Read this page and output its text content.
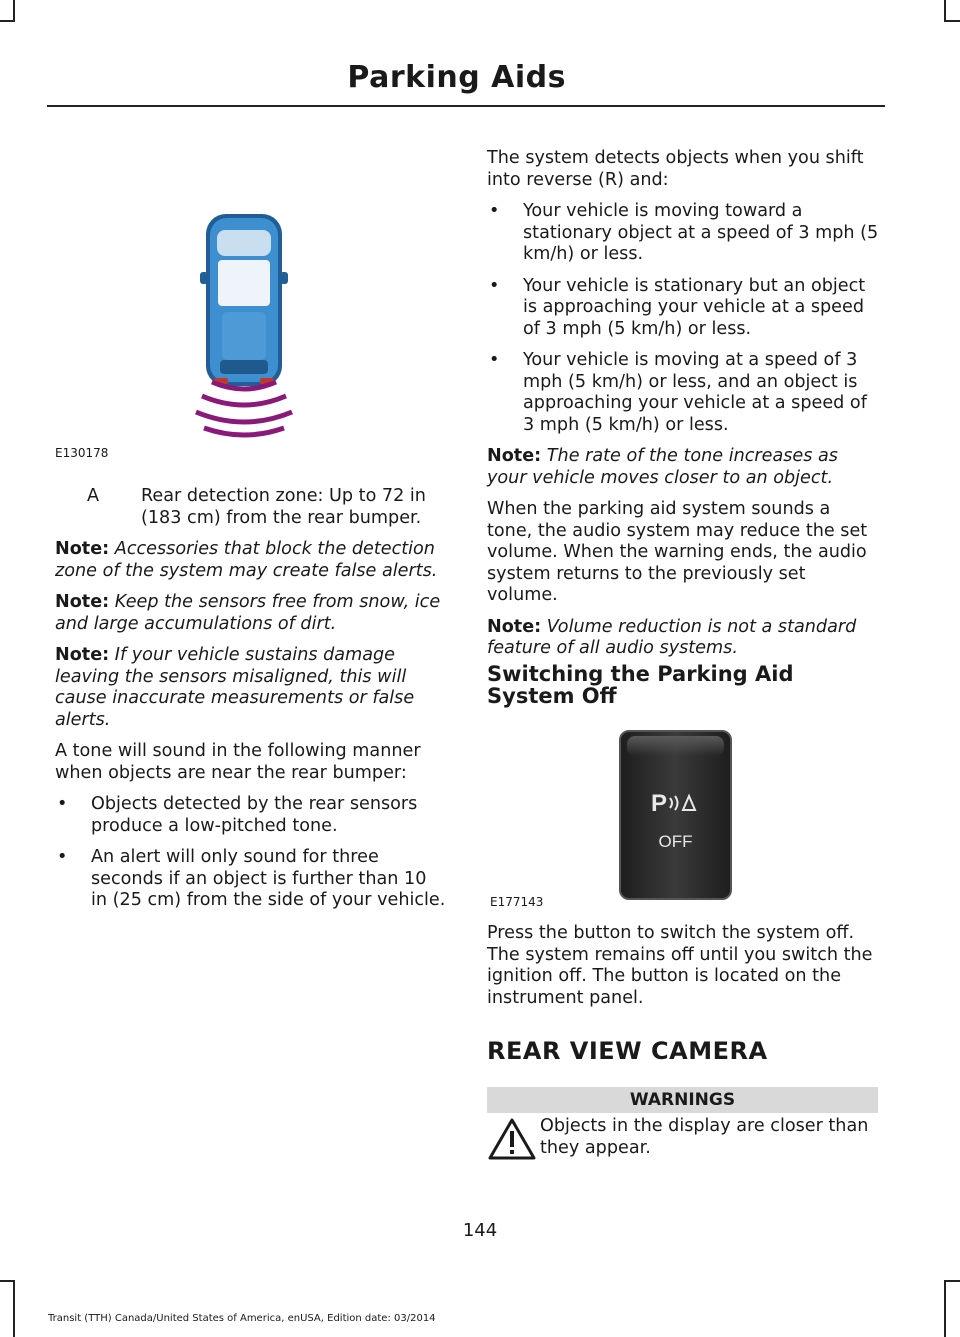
Parking Aids
E130178
A	Rear detection zone: Up to 72 in (183 cm) from the rear bumper.

Note: Accessories that block the detection zone of the system may create false alerts.

Note: Keep the sensors free from snow, ice and large accumulations of dirt.

Note: If your vehicle sustains damage leaving the sensors misaligned, this will cause inaccurate measurements or false alerts.

A tone will sound in the following manner when objects are near the rear bumper:

•	Objects detected by the rear sensors produce a low-pitched tone.
•	An alert will only sound for three seconds if an object is further than 10 in (25 cm) from the side of your vehicle.

The system detects objects when you shift into reverse (R) and:

•	Your vehicle is moving toward a stationary object at a speed of 3 mph (5 km/h) or less.
•	Your vehicle is stationary but an object is approaching your vehicle at a speed of 3 mph (5 km/h) or less.
•	Your vehicle is moving at a speed of 3 mph (5 km/h) or less, and an object is approaching your vehicle at a speed of 3 mph (5 km/h) or less.

Note: The rate of the tone increases as your vehicle moves closer to an object.

When the parking aid system sounds a tone, the audio system may reduce the set volume. When the warning ends, the audio system returns to the previously set volume.

Note: Volume reduction is not a standard feature of all audio systems.

Switching the Parking Aid System Off
P
OFF
E177143
Press the button to switch the system off. The system remains off until you switch the ignition off. The button is located on the instrument panel.
REAR VIEW CAMERA
WARNINGS
Objects in the display are closer than they appear.
144
Transit (TTH) Canada/United States of America, enUSA, Edition date: 03/2014
